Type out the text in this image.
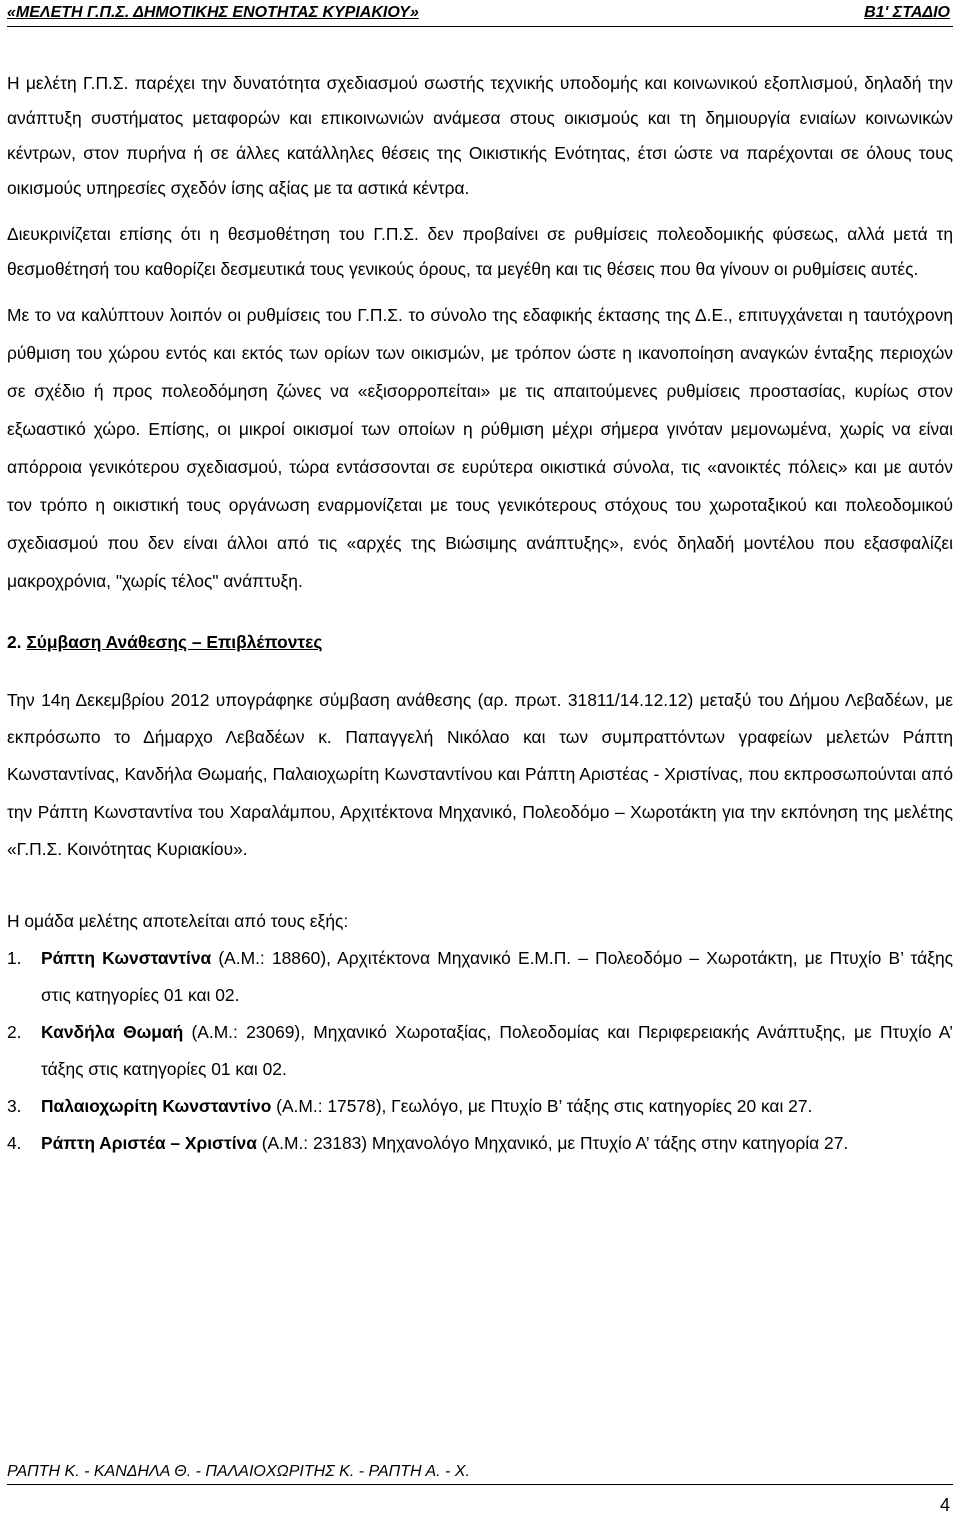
«ΜΕΛΕΤΗ Γ.Π.Σ. ΔΗΜΟΤΙΚΗΣ ΕΝΟΤΗΤΑΣ ΚΥΡΙΑΚΙΟΥ»	Β1' ΣΤΑΔΙΟ

Η μελέτη Γ.Π.Σ. παρέχει την δυνατότητα σχεδιασμού σωστής τεχνικής υποδομής και κοινωνικού εξοπλισμού, δηλαδή την ανάπτυξη συστήματος μεταφορών και επικοινωνιών ανάμεσα στους οικισμούς και τη δημιουργία ενιαίων κοινωνικών κέντρων, στον πυρήνα ή σε άλλες κατάλληλες θέσεις της Οικιστικής Ενότητας, έτσι ώστε να παρέχονται σε όλους τους οικισμούς υπηρεσίες σχεδόν ίσης αξίας με τα αστικά κέντρα.

Διευκρινίζεται επίσης ότι η θεσμοθέτηση του Γ.Π.Σ. δεν προβαίνει σε ρυθμίσεις πολεοδομικής φύσεως, αλλά μετά τη θεσμοθέτησή του καθορίζει δεσμευτικά τους γενικούς όρους, τα μεγέθη και τις θέσεις που θα γίνουν οι ρυθμίσεις αυτές.

Με το να καλύπτουν λοιπόν οι ρυθμίσεις του Γ.Π.Σ. το σύνολο της εδαφικής έκτασης της Δ.Ε., επιτυγχάνεται η ταυτόχρονη ρύθμιση του χώρου εντός και εκτός των ορίων των οικισμών, με τρόπον ώστε η ικανοποίηση αναγκών ένταξης περιοχών σε σχέδιο ή προς πολεοδόμηση ζώνες να «εξισορροπείται» με τις απαιτούμενες ρυθμίσεις προστασίας, κυρίως στον εξωαστικό χώρο. Επίσης, οι μικροί οικισμοί των οποίων η ρύθμιση μέχρι σήμερα γινόταν μεμονωμένα, χωρίς να είναι απόρροια γενικότερου σχεδιασμού, τώρα εντάσσονται σε ευρύτερα οικιστικά σύνολα, τις «ανοικτές πόλεις» και με αυτόν τον τρόπο η οικιστική τους οργάνωση εναρμονίζεται με τους γενικότερους στόχους του χωροταξικού και πολεοδομικού σχεδιασμού που δεν είναι άλλοι από τις «αρχές της Βιώσιμης ανάπτυξης», ενός δηλαδή μοντέλου που εξασφαλίζει μακροχρόνια, "χωρίς τέλος" ανάπτυξη.

2. Σύμβαση Ανάθεσης – Επιβλέποντες

Την 14η Δεκεμβρίου 2012 υπογράφηκε σύμβαση ανάθεσης (αρ. πρωτ. 31811/14.12.12) μεταξύ του Δήμου Λεβαδέων, με εκπρόσωπο το Δήμαρχο Λεβαδέων κ. Παπαγγελή Νικόλαο και των συμπραττόντων γραφείων μελετών Ράπτη Κωνσταντίνας, Κανδήλα Θωμαής, Παλαιοχωρίτη Κωνσταντίνου και Ράπτη Αριστέας - Χριστίνας, που εκπροσωπούνται από την Ράπτη Κωνσταντίνα του Χαραλάμπου, Αρχιτέκτονα Μηχανικό, Πολεοδόμο – Χωροτάκτη για την εκπόνηση της μελέτης «Γ.Π.Σ. Κοινότητας Κυριακίου».

Η ομάδα μελέτης αποτελείται από τους εξής:

1. Ράπτη Κωνσταντίνα (Α.Μ.: 18860), Αρχιτέκτονα Μηχανικό Ε.Μ.Π. – Πολεοδόμο – Χωροτάκτη, με Πτυχίο Β’ τάξης στις κατηγορίες 01 και 02.
2. Κανδήλα Θωμαή (Α.Μ.: 23069), Μηχανικό Χωροταξίας, Πολεοδομίας και Περιφερειακής Ανάπτυξης, με Πτυχίο Α’ τάξης στις κατηγορίες 01 και 02.
3. Παλαιοχωρίτη Κωνσταντίνο (Α.Μ.: 17578), Γεωλόγο, με Πτυχίο Β’ τάξης στις κατηγορίες 20 και 27.
4. Ράπτη Αριστέα – Χριστίνα (Α.Μ.: 23183) Μηχανολόγο Μηχανικό, με Πτυχίο Α’ τάξης στην κατηγορία 27.
ΡΑΠΤΗ Κ. - ΚΑΝΔΗΛΑ Θ. - ΠΑΛΑΙΟΧΩΡΙΤΗΣ Κ. - ΡΑΠΤΗ Α. - Χ.
4
